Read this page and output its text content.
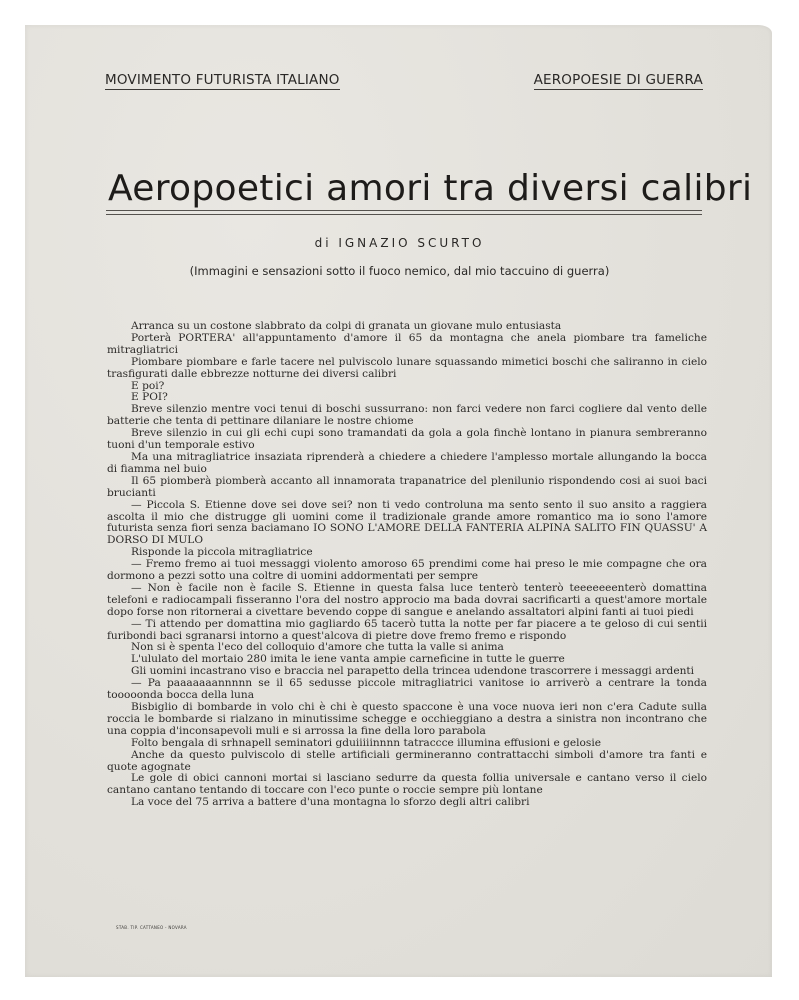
MOVIMENTO FUTURISTA ITALIANO	AEROPOESIE DI GUERRA
Aeropoetici amori tra diversi calibri
di IGNAZIO SCURTO
(Immagini e sensazioni sotto il fuoco nemico, dal mio taccuino di guerra)

Arranca su un costone slabbrato da colpi di granata un giovane mulo entusiasta

Porterà PORTERA' all'appuntamento d'amore il 65 da montagna che anela piombare tra fameliche mitragliatrici

Piombare piombare e farle tacere nel pulviscolo lunare squassando mimetici boschi che saliranno in cielo trasfigurati dalle ebbrezze notturne dei diversi calibri

E poi?

E POI?

Breve silenzio mentre voci tenui di boschi sussurrano: non farci vedere non farci cogliere dal vento delle batterie che tenta di pettinare dilaniare le nostre chiome

Breve silenzio in cui gli echi cupi sono tramandati da gola a gola finchè lontano in pianura sembreranno tuoni d'un temporale estivo

Ma una mitragliatrice insaziata riprenderà a chiedere a chiedere l'amplesso mortale allungando la bocca di fiamma nel buio

Il 65 piomberà piomberà accanto all innamorata trapanatrice del plenilunio rispondendo cosi ai suoi baci brucianti

— Piccola S. Etienne dove sei dove sei? non ti vedo controluna ma sento sento il suo ansito a raggiera ascolta il mio che distrugge gli uomini come il tradizionale grande amore romantico ma io sono l'amore futurista senza fiori senza baciamano IO SONO L'AMORE DELLA FANTERIA ALPINA SALITO FIN QUASSU' A DORSO DI MULO

Risponde la piccola mitragliatrice

— Fremo fremo ai tuoi messaggi violento amoroso 65 prendimi come hai preso le mie compagne che ora dormono a pezzi sotto una coltre di uomini addormentati per sempre

— Non è facile non è facile S. Etienne in questa falsa luce tenterò tenterò teeeeeeenterò domattina telefoni e radiocampali fisseranno l'ora del nostro approcio ma bada dovrai sacrificarti a quest'amore mortale dopo forse non ritornerai a civettare bevendo coppe di sangue e anelando assaltatori alpini fanti ai tuoi piedi

— Ti attendo per domattina mio gagliardo 65 tacerò tutta la notte per far piacere a te geloso di cui sentii furibondi baci sgranarsi intorno a quest'alcova di pietre dove fremo fremo e rispondo

Non si è spenta l'eco del colloquio d'amore che tutta la valle si anima

L'ululato del mortaio 280 imita le iene vanta ampie carneficine in tutte le guerre

Gli uomini incastrano viso e braccia nel parapetto della trincea udendone trascorrere i messaggi ardenti

— Pa paaaaaaannnnn se il 65 sedusse piccole mitragliatrici vanitose io arriverò a centrare la tonda tooooonda bocca della luna

Bisbiglio di bombarde in volo chi è chi è questo spaccone è una voce nuova ieri non c'era Cadute sulla roccia le bombarde si rialzano in minutissime schegge e occhieggiano a destra a sinistra non incontrano che una coppia d'inconsapevoli muli e si arrossa la fine della loro parabola

Folto bengala di srhnapell seminatori gduiiiiinnnn tatraccce illumina effusioni e gelosie

Anche da questo pulviscolo di stelle artificiali germineranno contrattacchi simboli d'amore tra fanti e quote agognate

Le gole di obici cannoni mortai si lasciano sedurre da questa follia universale e cantano verso il cielo cantano cantano tentando di toccare con l'eco punte o roccie sempre più lontane

La voce del 75 arriva a battere d'una montagna lo sforzo degli altri calibri

STAB. TIP. CATTANEO - NOVARA
